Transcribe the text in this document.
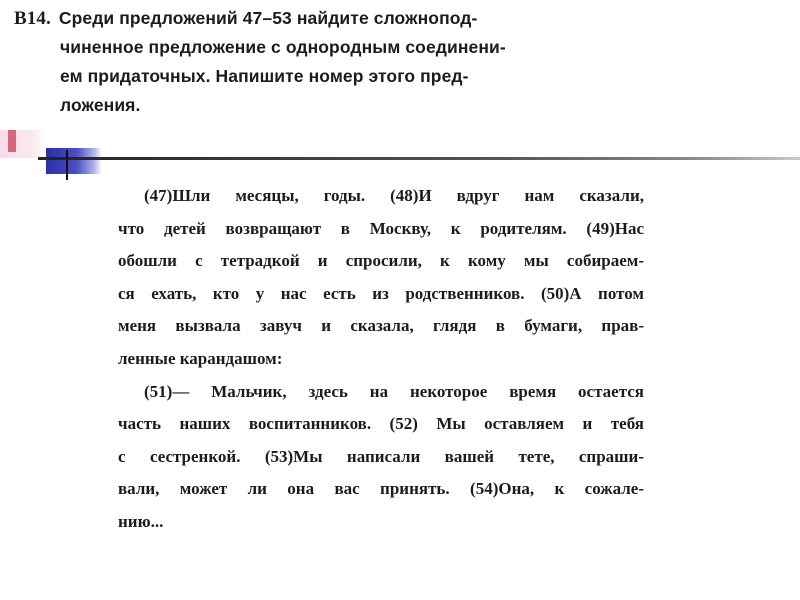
В14. Среди предложений 47–53 найдите сложнопод-
чиненное предложение с однородным соединени-
ем придаточных. Напишите номер этого пред-
ложения.
(47)Шли месяцы, годы. (48)И вдруг нам сказали,
что детей возвращают в Москву, к родителям. (49)Нас
обошли с тетрадкой и спросили, к кому мы собираем-
ся ехать, кто у нас есть из родственников. (50)А потом
меня вызвала завуч и сказала, глядя в бумаги, прав-
ленные карандашом:
(51)— Мальчик, здесь на некоторое время остается
часть наших воспитанников. (52) Мы оставляем и тебя
с сестренкой. (53)Мы написали вашей тете, спраши-
вали, может ли она вас принять. (54)Она, к сожале-
нию...
